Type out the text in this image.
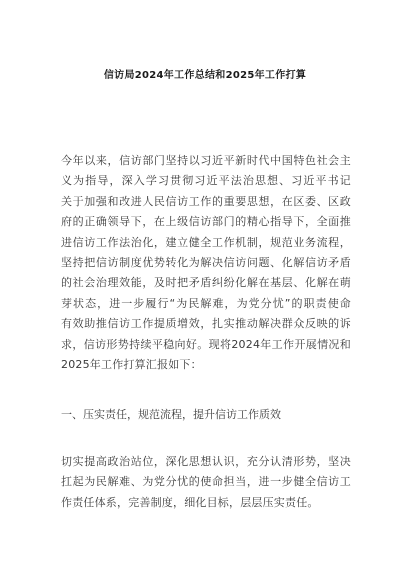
信访局2024年工作总结和2025年工作打算
今年以来，信访部门坚持以习近平新时代中国特色社会主
义为指导，深入学习贯彻习近平法治思想、习近平书记
关于加强和改进人民信访工作的重要思想，在区委、区政
府的正确领导下，在上级信访部门的精心指导下，全面推
进信访工作法治化，建立健全工作机制，规范业务流程，
坚持把信访制度优势转化为解决信访问题、化解信访矛盾
的社会治理效能，及时把矛盾纠纷化解在基层、化解在萌
芽状态，进一步履行“为民解难，为党分忧”的职责使命
有效助推信访工作提质增效，扎实推动解决群众反映的诉
求，信访形势持续平稳向好。现将2024年工作开展情况和
2025年工作打算汇报如下：
一、压实责任，规范流程，提升信访工作质效
切实提高政治站位，深化思想认识，充分认清形势，坚决
扛起为民解难、为党分忧的使命担当，进一步健全信访工
作责任体系，完善制度，细化目标，层层压实责任。
